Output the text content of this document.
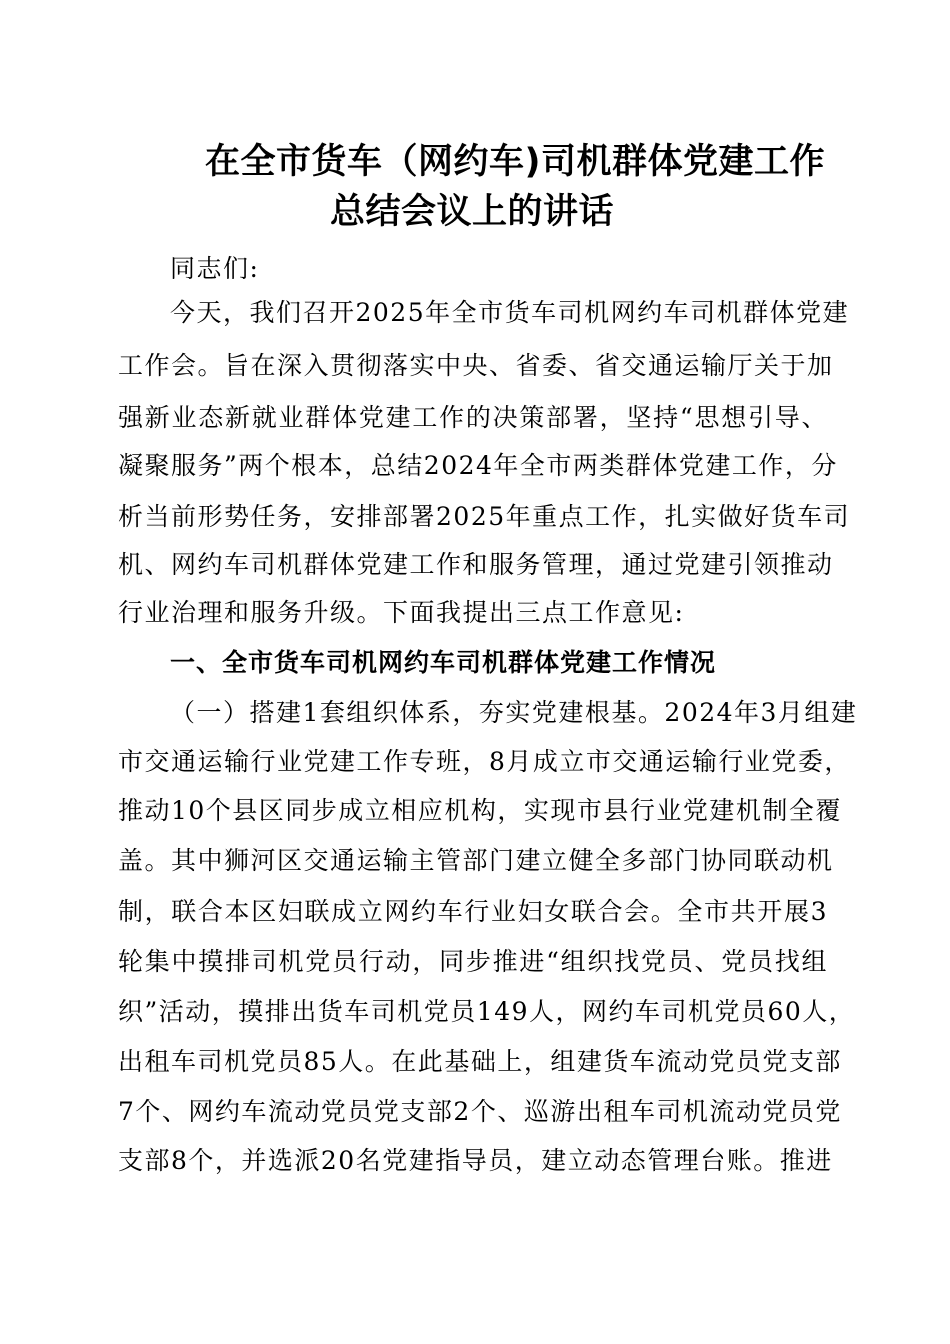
在全市货车（网约车)司机群体党建工作
总结会议上的讲话
同志们:
今天，我们召开2025年全市货车司机网约车司机群体党建
工作会。旨在深入贯彻落实中央、省委、省交通运输厅关于加
强新业态新就业群体党建工作的决策部署，坚持“思想引导、
凝聚服务”两个根本，总结2024年全市两类群体党建工作，分
析当前形势任务，安排部署2025年重点工作，扎实做好货车司
机、网约车司机群体党建工作和服务管理，通过党建引领推动
行业治理和服务升级。下面我提出三点工作意见:
一、全市货车司机网约车司机群体党建工作情况
（一）搭建1套组织体系，夯实党建根基。2024年3月组建
市交通运输行业党建工作专班，8月成立市交通运输行业党委，
推动10个县区同步成立相应机构，实现市县行业党建机制全覆
盖。其中狮河区交通运输主管部门建立健全多部门协同联动机
制，联合本区妇联成立网约车行业妇女联合会。全市共开展3
轮集中摸排司机党员行动，同步推进“组织找党员、党员找组
织”活动，摸排出货车司机党员149人，网约车司机党员60人，
出租车司机党员85人。在此基础上，组建货车流动党员党支部
7个、网约车流动党员党支部2个、巡游出租车司机流动党员党
支部8个，并选派20名党建指导员，建立动态管理台账。推进
